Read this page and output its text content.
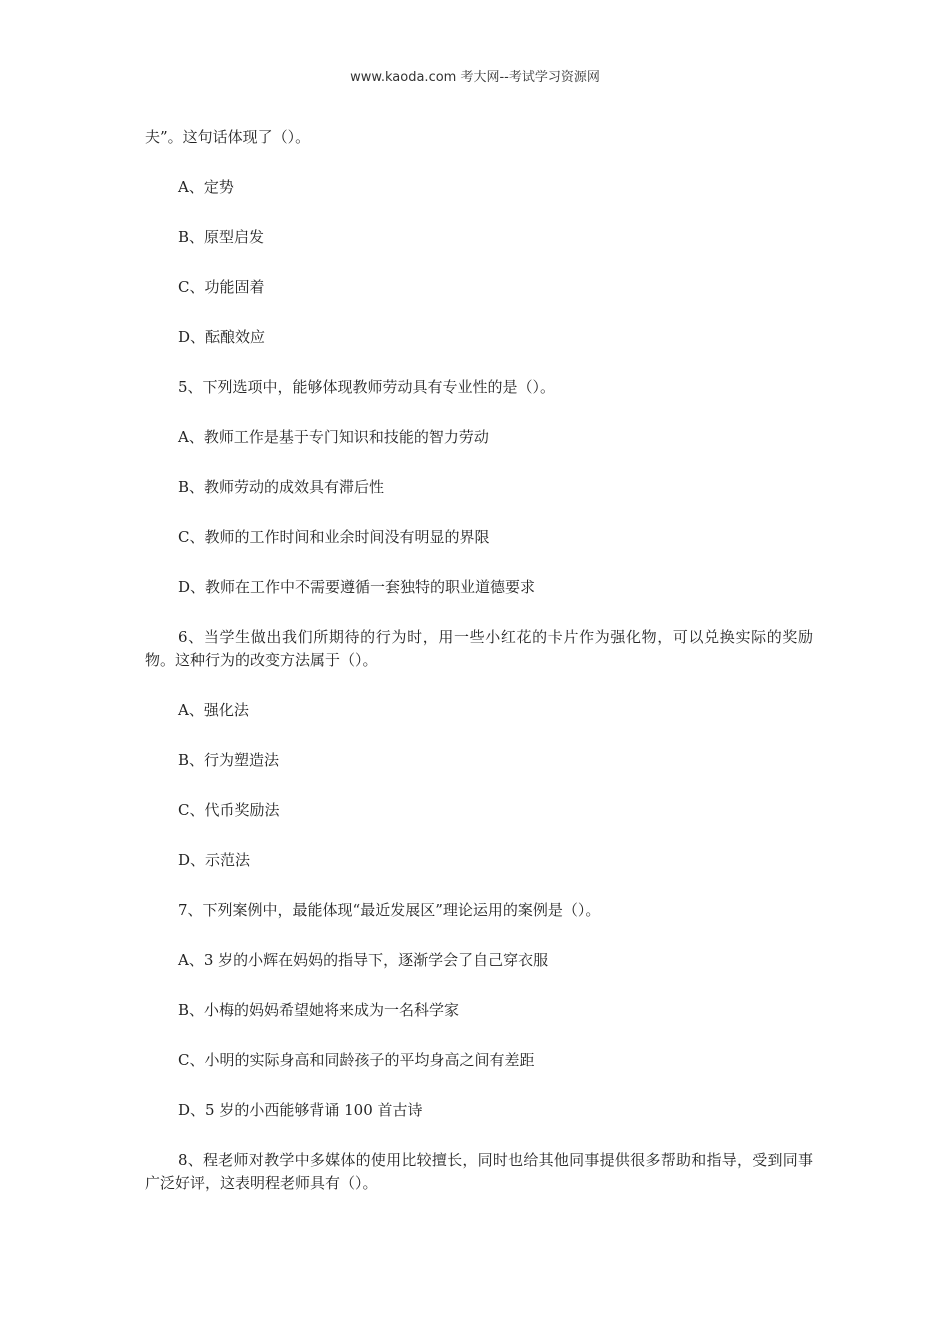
www.kaoda.com 考大网--考试学习资源网

夫”。这句话体现了（）。

A、定势

B、原型启发

C、功能固着

D、酝酿效应

5、下列选项中，能够体现教师劳动具有专业性的是（）。

A、教师工作是基于专门知识和技能的智力劳动

B、教师劳动的成效具有滞后性

C、教师的工作时间和业余时间没有明显的界限

D、教师在工作中不需要遵循一套独特的职业道德要求

6、当学生做出我们所期待的行为时，用一些小红花的卡片作为强化物，可以兑换实际的奖励物。这种行为的改变方法属于（）。

A、强化法

B、行为塑造法

C、代币奖励法

D、示范法

7、下列案例中，最能体现“最近发展区”理论运用的案例是（）。

A、3 岁的小辉在妈妈的指导下，逐渐学会了自己穿衣服

B、小梅的妈妈希望她将来成为一名科学家

C、小明的实际身高和同龄孩子的平均身高之间有差距

D、5 岁的小西能够背诵 100 首古诗

8、程老师对教学中多媒体的使用比较擅长，同时也给其他同事提供很多帮助和指导，受到同事广泛好评，这表明程老师具有（）。
